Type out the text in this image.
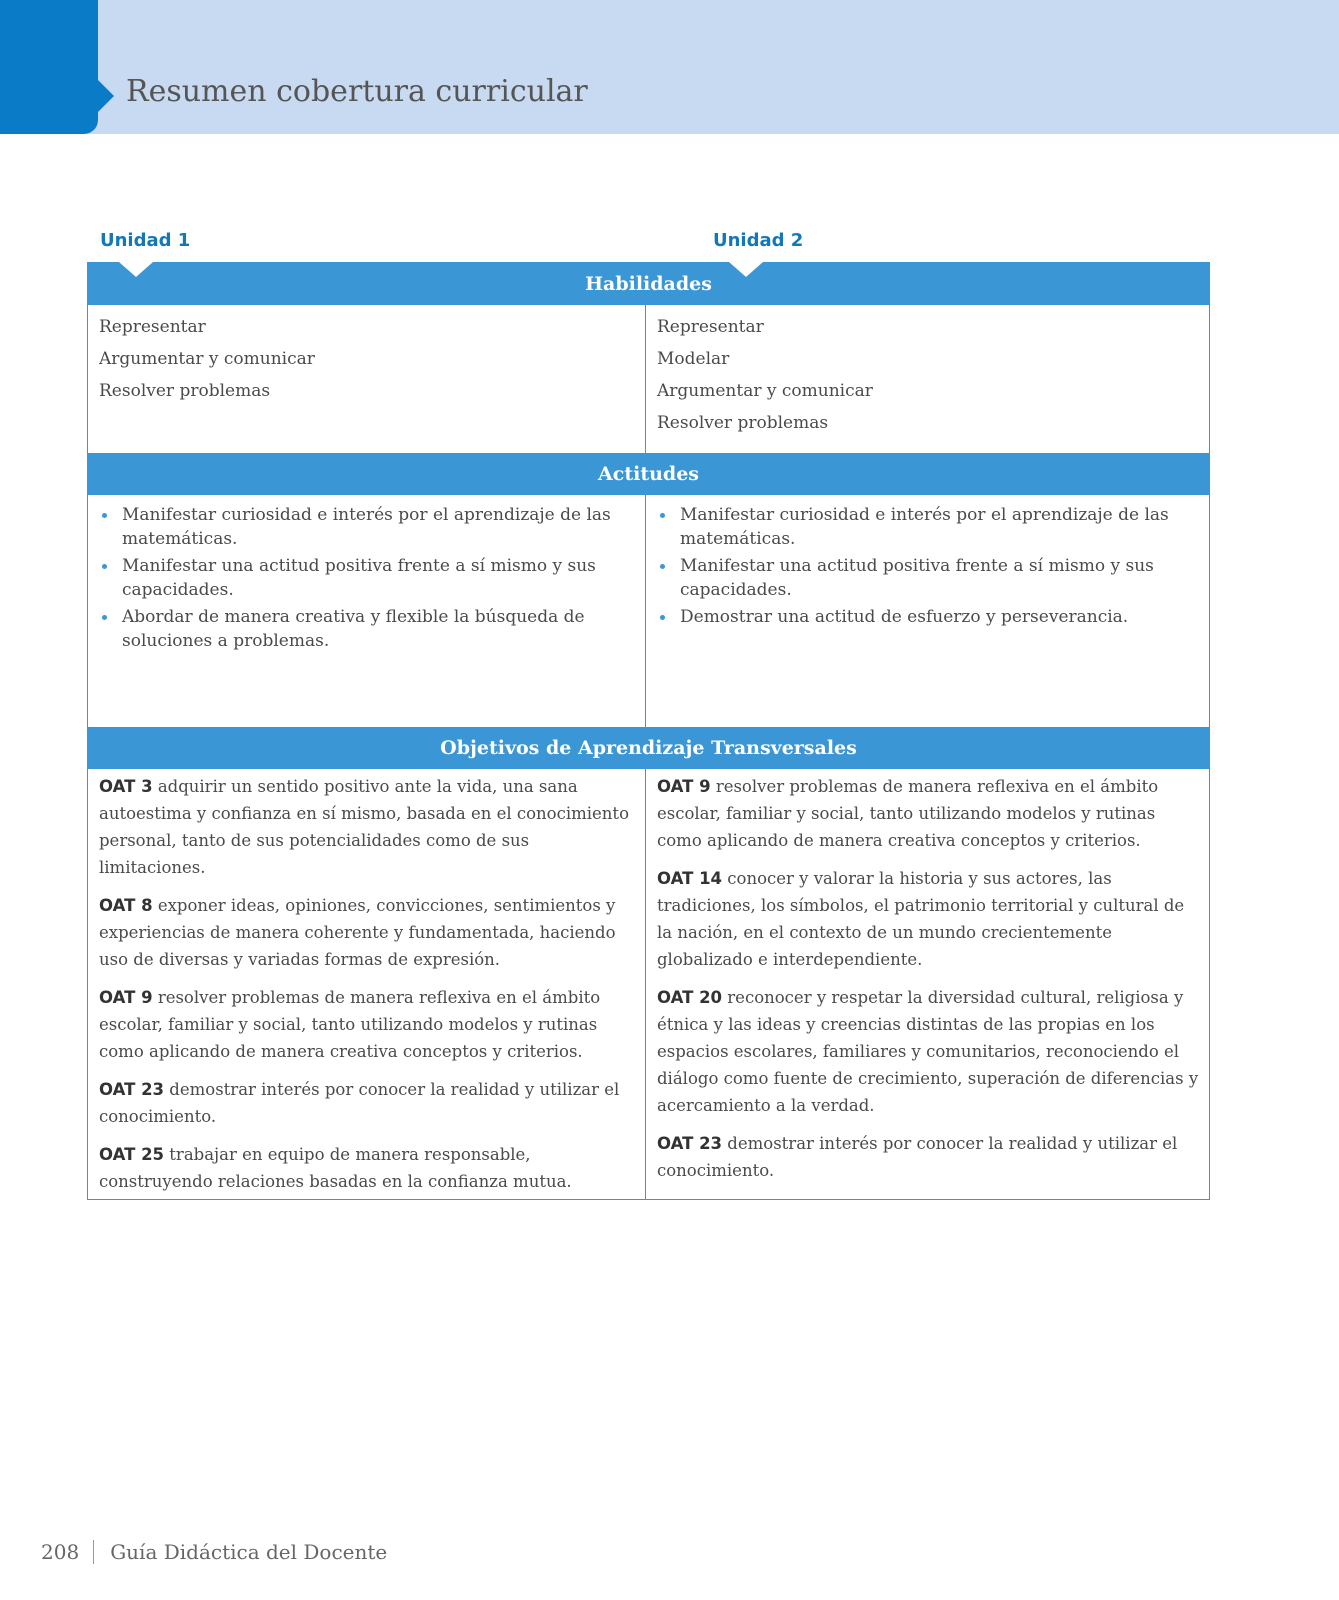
Resumen cobertura curricular
Unidad 1	Unidad 2
Habilidades
Representar
Argumentar y comunicar
Resolver problemas
Representar
Modelar
Argumentar y comunicar
Resolver problemas
Actitudes
Manifestar curiosidad e interés por el aprendizaje de las matemáticas.
Manifestar una actitud positiva frente a sí mismo y sus capacidades.
Abordar de manera creativa y flexible la búsqueda de soluciones a problemas.
Manifestar curiosidad e interés por el aprendizaje de las matemáticas.
Manifestar una actitud positiva frente a sí mismo y sus capacidades.
Demostrar una actitud de esfuerzo y perseverancia.
Objetivos de Aprendizaje Transversales

OAT 3 adquirir un sentido positivo ante la vida, una sana autoestima y confianza en sí mismo, basada en el conocimiento personal, tanto de sus potencialidades como de sus limitaciones.

OAT 8 exponer ideas, opiniones, convicciones, sentimientos y experiencias de manera coherente y fundamentada, haciendo uso de diversas y variadas formas de expresión.

OAT 9 resolver problemas de manera reflexiva en el ámbito escolar, familiar y social, tanto utilizando modelos y rutinas como aplicando de manera creativa conceptos y criterios.

OAT 23 demostrar interés por conocer la realidad y utilizar el conocimiento.

OAT 25 trabajar en equipo de manera responsable, construyendo relaciones basadas en la confianza mutua.

OAT 9 resolver problemas de manera reflexiva en el ámbito escolar, familiar y social, tanto utilizando modelos y rutinas como aplicando de manera creativa conceptos y criterios.

OAT 14 conocer y valorar la historia y sus actores, las tradiciones, los símbolos, el patrimonio territorial y cultural de la nación, en el contexto de un mundo crecientemente globalizado e interdependiente.

OAT 20 reconocer y respetar la diversidad cultural, religiosa y étnica y las ideas y creencias distintas de las propias en los espacios escolares, familiares y comunitarios, reconociendo el diálogo como fuente de crecimiento, superación de diferencias y acercamiento a la verdad.

OAT 23 demostrar interés por conocer la realidad y utilizar el conocimiento.

208 Guía Didáctica del Docente
